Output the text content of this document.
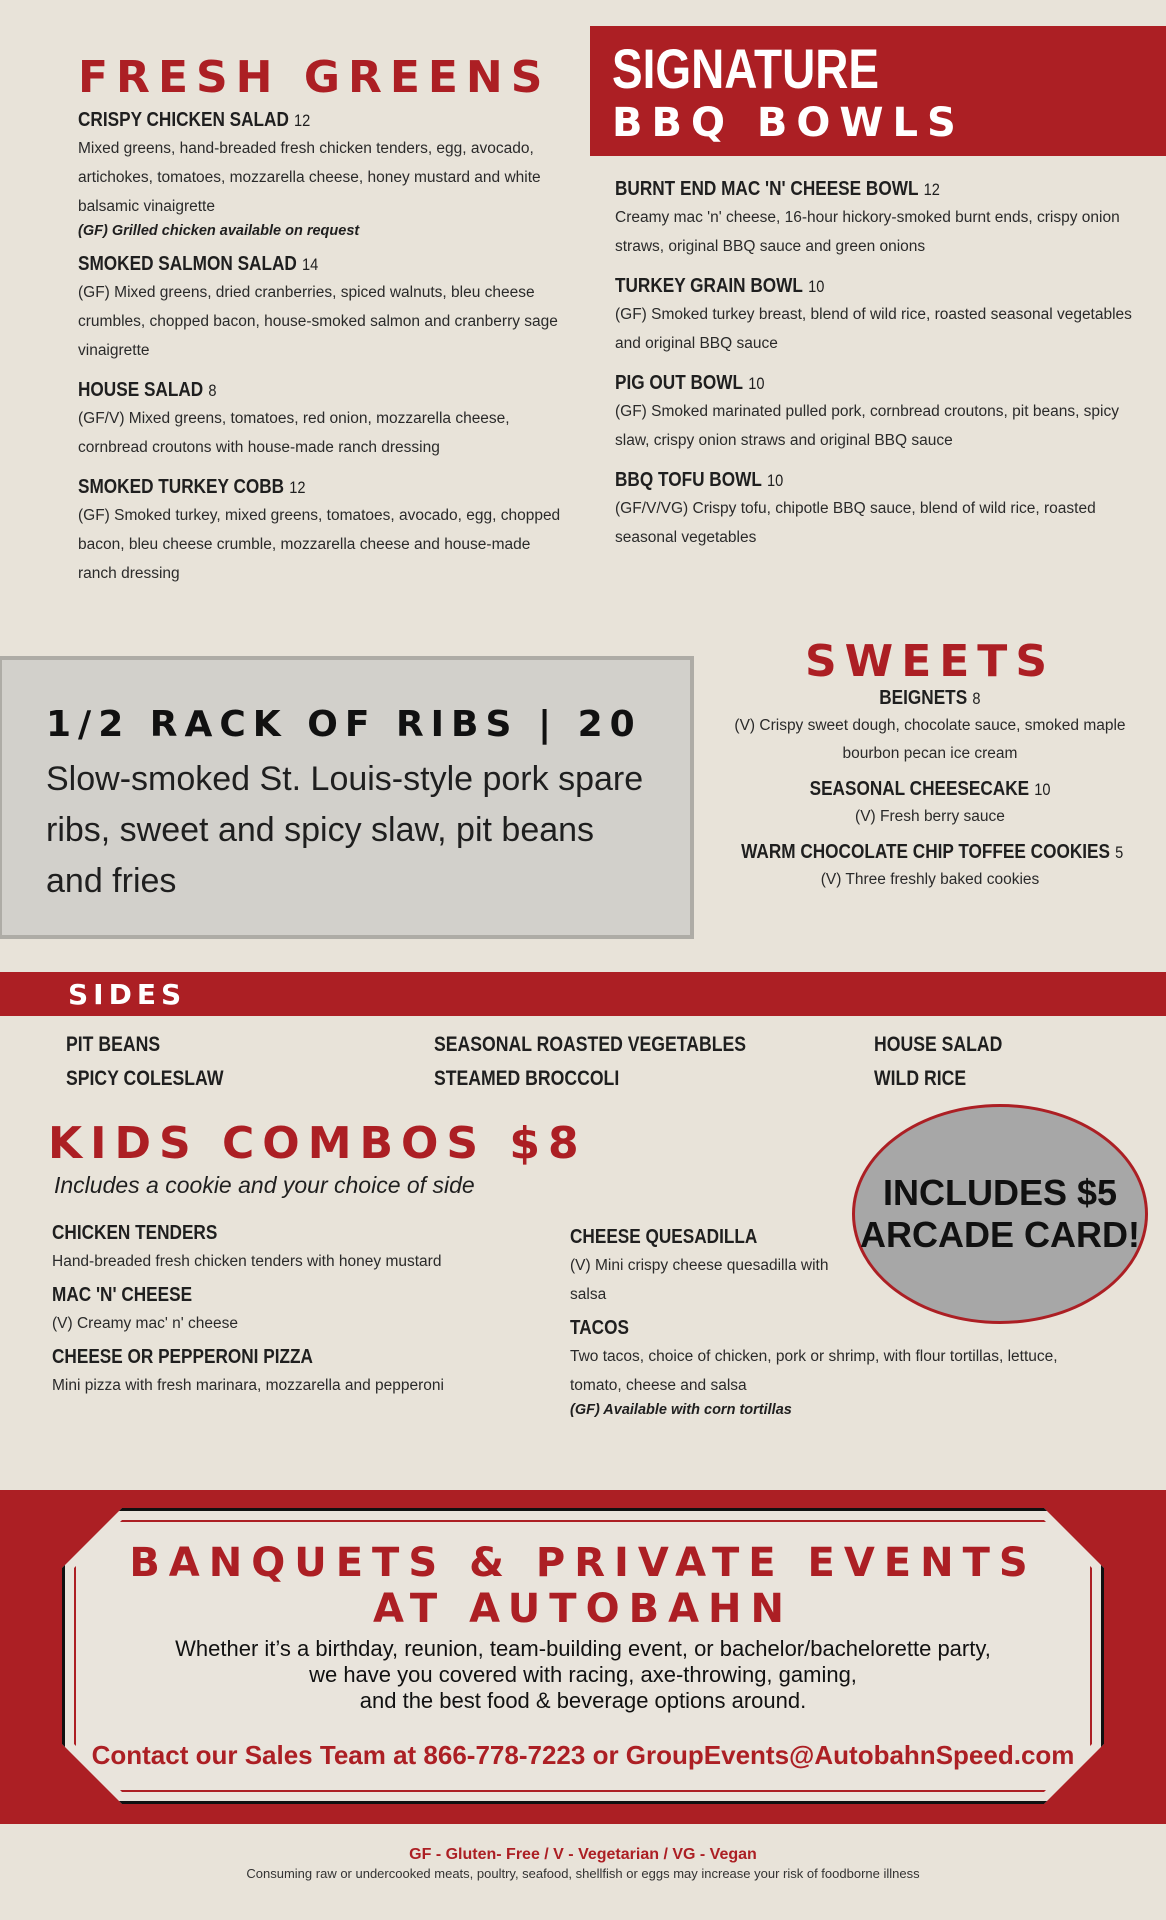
FRESH GREENS
CRISPY CHICKEN SALAD 12

Mixed greens, hand-breaded fresh chicken tenders, egg, avocado, artichokes, tomatoes, mozzarella cheese, honey mustard and white balsamic vinaigrette

(GF) Grilled chicken available on request
SMOKED SALMON SALAD 14

(GF) Mixed greens, dried cranberries, spiced walnuts, bleu cheese crumbles, chopped bacon, house-smoked salmon and cranberry sage vinaigrette

HOUSE SALAD 8

(GF/V) Mixed greens, tomatoes, red onion, mozzarella cheese, cornbread croutons with house-made ranch dressing

SMOKED TURKEY COBB 12

(GF) Smoked turkey, mixed greens, tomatoes, avocado, egg, chopped bacon, bleu cheese crumble, mozzarella cheese and house-made ranch dressing

SIGNATURE
BBQ BOWLS
BURNT END MAC 'N' CHEESE BOWL 12

Creamy mac 'n' cheese, 16-hour hickory-smoked burnt ends, crispy onion straws, original BBQ sauce and green onions

TURKEY GRAIN BOWL 10

(GF) Smoked turkey breast, blend of wild rice, roasted seasonal vegetables and original BBQ sauce

PIG OUT BOWL 10

(GF) Smoked marinated pulled pork, cornbread croutons, pit beans, spicy slaw, crispy onion straws and original BBQ sauce

BBQ TOFU BOWL 10

(GF/V/VG) Crispy tofu, chipotle BBQ sauce, blend of wild rice, roasted seasonal vegetables

1/2 RACK OF RIBS | 20
Slow-smoked St. Louis-style pork spare ribs, sweet and spicy slaw, pit beans and fries
SWEETS
BEIGNETS 8

(V) Crispy sweet dough, chocolate sauce, smoked maple bourbon pecan ice cream

SEASONAL CHEESECAKE 10

(V) Fresh berry sauce

WARM CHOCOLATE CHIP TOFFEE COOKIES 5

(V) Three freshly baked cookies

SIDES
PIT BEANS
SPICY COLESLAW
SEASONAL ROASTED VEGETABLES
STEAMED BROCCOLI
HOUSE SALAD
WILD RICE
KIDS COMBOS $8
Includes a cookie and your choice of side
CHICKEN TENDERS

Hand-breaded fresh chicken tenders with honey mustard

MAC 'N' CHEESE

(V) Creamy mac' n' cheese

CHEESE OR PEPPERONI PIZZA

Mini pizza with fresh marinara, mozzarella and pepperoni

CHEESE QUESADILLA

(V) Mini crispy cheese quesadilla with salsa

TACOS

Two tacos, choice of chicken, pork or shrimp, with flour tortillas, lettuce, tomato, cheese and salsa

(GF) Available with corn tortillas
INCLUDES $5
ARCADE CARD!
BANQUETS & PRIVATE EVENTS
AT AUTOBAHN
Whether it’s a birthday, reunion, team-building event, or bachelor/bachelorette party,
we have you covered with racing, axe-throwing, gaming,
and the best food & beverage options around.
Contact our Sales Team at 866-778-7223 or GroupEvents@AutobahnSpeed.com
GF - Gluten- Free / V - Vegetarian / VG - Vegan
Consuming raw or undercooked meats, poultry, seafood, shellfish or eggs may increase your risk of foodborne illness
